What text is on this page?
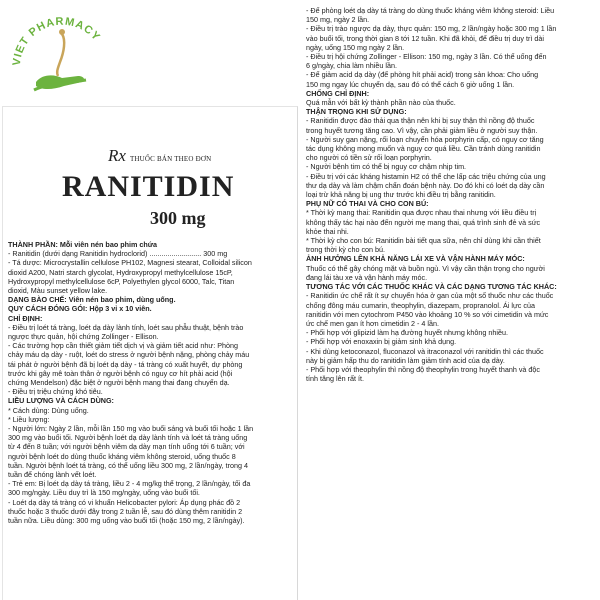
VIET PHARMACY
Rx THUỐC BÁN THEO ĐƠN
RANITIDIN
300 mg

THÀNH PHẦN: Mỗi viên nén bao phim chứa

- Ranitidin (dưới dạng Ranitidin hydroclorid) .......................... 300 mg

- Tá dược: Microcrystallin cellulose PH102, Magnesi stearat, Colloidal silicon

dioxid A200, Natri starch glycolat, Hydroxypropyl methylcellulose 15cP,

Hydroxypropyl methylcellulose 6cP, Polyethylen glycol 6000, Talc, Titan

dioxid, Màu sunset yellow lake.

DẠNG BÀO CHẾ: Viên nén bao phim, dùng uống.

QUY CÁCH ĐÓNG GÓI: Hộp 3 vỉ x 10 viên.

CHỈ ĐỊNH:

- Điều trị loét tá tràng, loét dạ dày lành tính, loét sau phẫu thuật, bệnh trào

ngược thực quản, hội chứng Zollinger - Ellison.

- Các trường hợp cần thiết giảm tiết dịch vị và giảm tiết acid như: Phòng

chảy máu dạ dày - ruột, loét do stress ở người bệnh nặng, phòng chảy máu

tái phát ở người bệnh đã bị loét dạ dày - tá tràng có xuất huyết, dự phòng

trước khi gây mê toàn thân ở người bệnh có nguy cơ hít phải acid (hội

chứng Mendelson) đặc biệt ở người bệnh mang thai đang chuyển dạ.

- Điều trị triệu chứng khó tiêu.

LIỀU LƯỢNG VÀ CÁCH DÙNG:

* Cách dùng: Dùng uống.

* Liều lượng:

- Người lớn: Ngày 2 lần, mỗi lần 150 mg vào buổi sáng và buổi tối hoặc 1 lần

300 mg vào buổi tối. Người bệnh loét dạ dày lành tính và loét tá tràng uống

từ 4 đến 8 tuần; với người bệnh viêm dạ dày mạn tính uống tới 6 tuần; với

người bệnh loét do dùng thuốc kháng viêm không steroid, uống thuốc 8

tuần. Người bệnh loét tá tràng, có thể uống liều 300 mg, 2 lần/ngày, trong 4

tuần để chóng lành vết loét.

- Trẻ em: Bị loét dạ dày tá tràng, liều 2 - 4 mg/kg thể trọng, 2 lần/ngày, tối đa

300 mg/ngày. Liều duy trì là 150 mg/ngày, uống vào buổi tối.

- Loét dạ dày tá tràng có vi khuẩn Helicobacter pylori: Áp dụng phác đồ 2

thuốc hoặc 3 thuốc dưới đây trong 2 tuần lễ, sau đó dùng thêm ranitidin 2

tuần nữa. Liều dùng: 300 mg uống vào buổi tối (hoặc 150 mg, 2 lần/ngày).

- Để phòng loét dạ dày tá tràng do dùng thuốc kháng viêm không steroid: Liều

150 mg, ngày 2 lần.

- Điều trị trào ngược dạ dày, thực quản: 150 mg, 2 lần/ngày hoặc 300 mg 1 lần

vào buổi tối, trong thời gian 8 tới 12 tuần. Khi đã khỏi, để điều trị duy trì dài

ngày, uống 150 mg ngày 2 lần.

- Điều trị hội chứng Zollinger - Ellison: 150 mg, ngày 3 lần. Có thể uống đến

6 g/ngày, chia làm nhiều lần.

- Để giảm acid dạ dày (để phòng hít phải acid) trong sản khoa: Cho uống

150 mg ngay lúc chuyển dạ, sau đó có thể cách 6 giờ uống 1 lần.

CHỐNG CHỈ ĐỊNH:

Quá mẫn với bất kỳ thành phần nào của thuốc.

THẬN TRỌNG KHI SỬ DỤNG:

- Ranitidin được đào thải qua thận nên khi bị suy thận thì nồng độ thuốc

trong huyết tương tăng cao. Vì vậy, cần phải giảm liều ở người suy thận.

- Người suy gan nặng, rối loạn chuyển hóa porphyrin cấp, có nguy cơ tăng

tác dụng không mong muốn và nguy cơ quá liều. Cần tránh dùng ranitidin

cho người có tiền sử rối loạn porphyrin.

- Người bệnh tim có thể bị nguy cơ chậm nhịp tim.

- Điều trị với các kháng histamin H2 có thể che lấp các triệu chứng của ung

thư dạ dày và làm chậm chẩn đoán bệnh này. Do đó khi có loét dạ dày cần

loại trừ khả năng bị ung thư trước khi điều trị bằng ranitidin.

PHỤ NỮ CÓ THAI VÀ CHO CON BÚ:

* Thời kỳ mang thai: Ranitidin qua được nhau thai nhưng với liều điều trị

không thấy tác hại nào đến người mẹ mang thai, quá trình sinh đẻ và sức

khỏe thai nhi.

* Thời kỳ cho con bú: Ranitidin bài tiết qua sữa, nên chỉ dùng khi cần thiết

trong thời kỳ cho con bú.

ẢNH HƯỞNG LÊN KHẢ NĂNG LÁI XE VÀ VẬN HÀNH MÁY MÓC:

Thuốc có thể gây chóng mặt và buồn ngủ. Vì vậy cần thận trọng cho người

đang lái tàu xe và vận hành máy móc.

TƯƠNG TÁC VỚI CÁC THUỐC KHÁC VÀ CÁC DẠNG TƯƠNG TÁC KHÁC:

- Ranitidin ức chế rất ít sự chuyển hóa ở gan của một số thuốc như các thuốc

chống đông máu cumarin, theophylin, diazepam, propranolol. Ái lực của

ranitidin với men cytochrom P450 vào khoảng 10 % so với cimetidin và mức

ức chế men gan ít hơn cimetidin 2 - 4 lần.

- Phối hợp với glipizid làm hạ đường huyết nhưng không nhiều.

- Phối hợp với enoxaxin bị giảm sinh khả dụng.

- Khi dùng ketoconazol, fluconazol và itraconazol với ranitidin thì các thuốc

này bị giảm hấp thu do ranitidin làm giảm tính acid của dạ dày.

- Phối hợp với theophylin thì nồng độ theophylin trong huyết thanh và độc

tính tăng lên rất ít.
